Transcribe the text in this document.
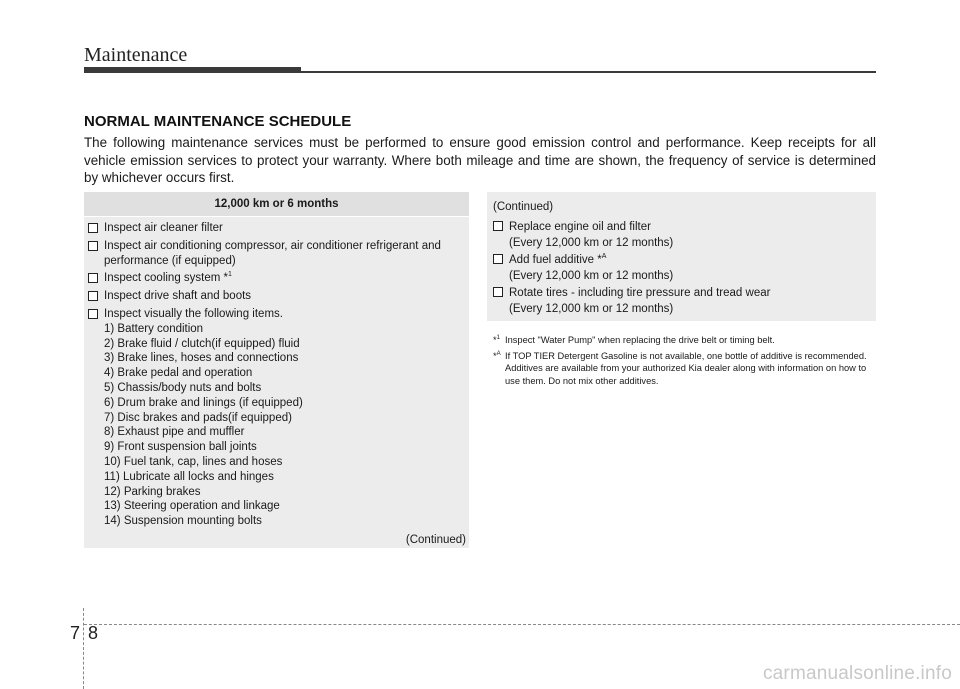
Maintenance
NORMAL MAINTENANCE SCHEDULE
The following maintenance services must be performed to ensure good emission control and performance. Keep receipts for all vehicle emission services to protect your warranty. Where both mileage and time are shown, the frequency of service is determined by whichever occurs first.
12,000 km or 6 months
Inspect air cleaner filter
Inspect air conditioning compressor, air conditioner refrigerant and performance (if equipped)
Inspect cooling system *$^1$
Inspect drive shaft and boots
Inspect visually the following items.
1) Battery condition
2) Brake fluid / clutch(if equipped) fluid
3) Brake lines, hoses and connections
4) Brake pedal and operation
5) Chassis/body nuts and bolts
6) Drum brake and linings (if equipped)
7) Disc brakes and pads(if equipped)
8) Exhaust pipe and muffler
9) Front suspension ball joints
10) Fuel tank, cap, lines and hoses
11) Lubricate all locks and hinges
12) Parking brakes
13) Steering operation and linkage
14) Suspension mounting bolts
(Continued)
(Continued)
Replace engine oil and filter
(Every 12,000 km or 12 months)
Add fuel additive *$^A$
(Every 12,000 km or 12 months)
Rotate tires - including tire pressure and tread wear
(Every 12,000 km or 12 months)
*$^1$ Inspect "Water Pump" when replacing the drive belt or timing belt.
*$^A$ If TOP TIER Detergent Gasoline is not available, one bottle of additive is recommended. Additives are available from your authorized Kia dealer along with information on how to use them. Do not mix other additives.
7 8
carmanualsonline.info
